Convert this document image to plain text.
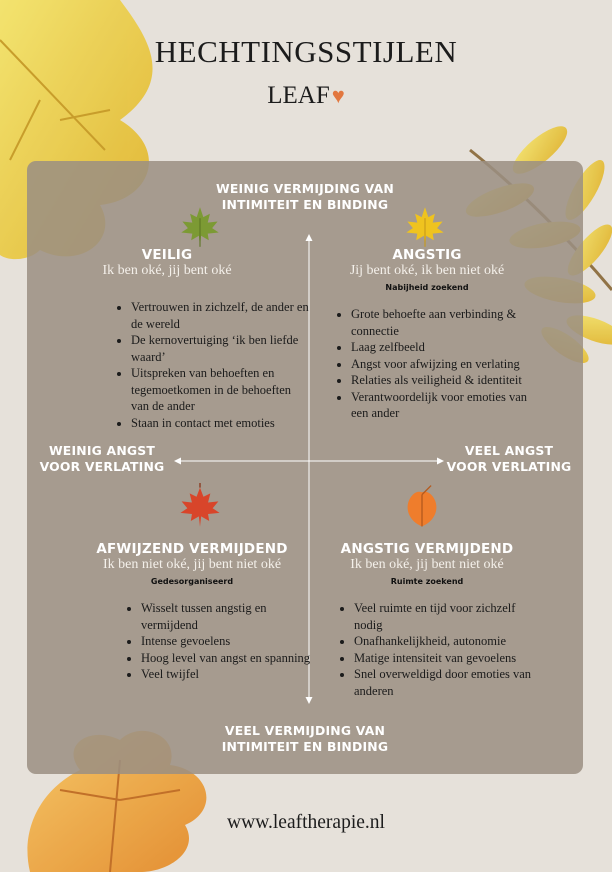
HECHTINGSSTIJLEN
LEAF♥
WEINIG VERMIJDING VAN
INTIMITEIT EN BINDING
VEEL VERMIJDING VAN
INTIMITEIT EN BINDING
WEINIG ANGST
VOOR VERLATING
VEEL ANGST
VOOR VERLATING
VEILIG
Ik ben oké, jij bent oké
• Vertrouwen in zichzelf, de ander en de wereld
• De kernovertuiging ‘ik ben liefde waard’
• Uitspreken van behoeften en tegemoetkomen in de behoeften van de ander
• Staan in contact met emoties
ANGSTIG
Jij bent oké, ik ben niet oké
Nabijheid zoekend
• Grote behoefte aan verbinding & connectie
• Laag zelfbeeld
• Angst voor afwijzing en verlating
• Relaties als veiligheid & identiteit
• Verantwoordelijk voor emoties van een ander
AFWIJZEND VERMIJDEND
Ik ben niet oké, jij bent niet oké
Gedesorganiseerd
• Wisselt tussen angstig en vermijdend
• Intense gevoelens
• Hoog level van angst en spanning
• Veel twijfel
ANGSTIG VERMIJDEND
Ik ben oké, jij bent niet oké
Ruimte zoekend
• Veel ruimte en tijd voor zichzelf nodig
• Onafhankelijkheid, autonomie
• Matige intensiteit van gevoelens
• Snel overweldigd door emoties van anderen
www.leaftherapie.nl
